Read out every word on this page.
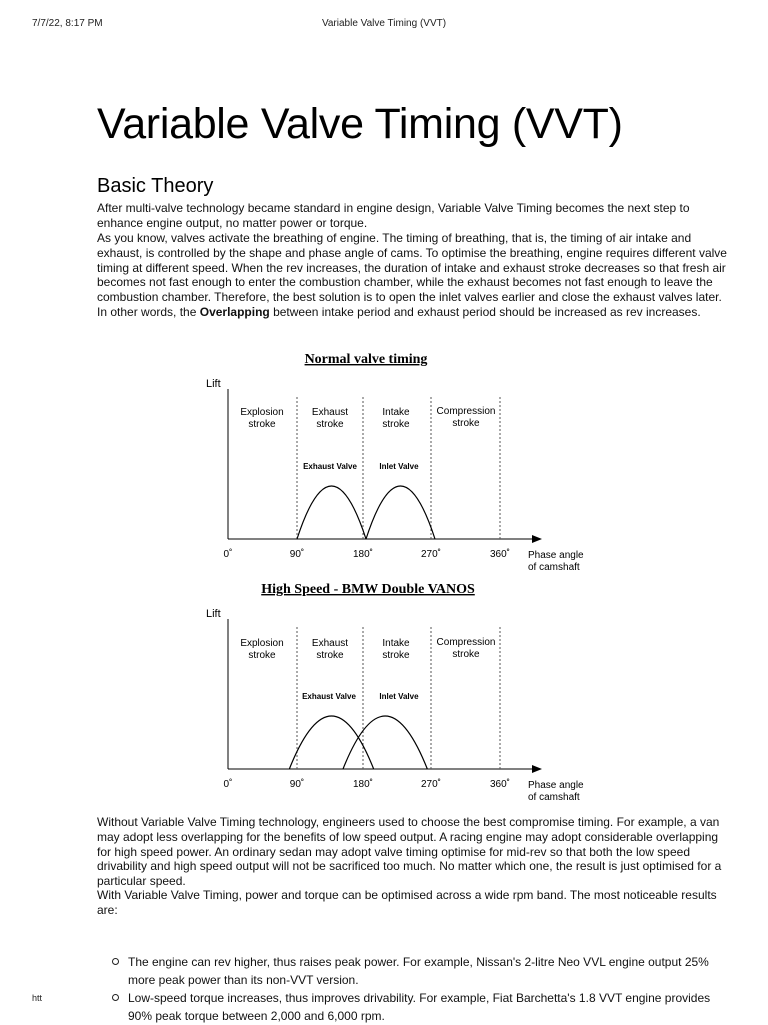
7/7/22, 8:17 PM	Variable Valve Timing (VVT)
Variable Valve Timing (VVT)
Basic Theory

After multi-valve technology became standard in engine design, Variable Valve Timing becomes the next step to enhance engine output, no matter power or torque.

As you know, valves activate the breathing of engine. The timing of breathing, that is, the timing of air intake and exhaust, is controlled by the shape and phase angle of cams. To optimise the breathing, engine requires different valve timing at different speed. When the rev increases, the duration of intake and exhaust stroke decreases so that fresh air becomes not fast enough to enter the combustion chamber, while the exhaust becomes not fast enough to leave the combustion chamber. Therefore, the best solution is to open the inlet valves earlier and close the exhaust valves later. In other words, the Overlapping between intake period and exhaust period should be increased as rev increases.

Normal valve timing
Lift
Explosion stroke
Exhaust stroke
Intake stroke
Compression stroke
Exhaust Valve	Inlet Valve
0˚	90˚	180˚	270˚	360˚ Phase angle of camshaft
High Speed - BMW Double VANOS
Lift
Explosion stroke
Exhaust stroke
Intake stroke
Compression stroke
Exhaust Valve	Inlet Valve
0˚	90˚	180˚	270˚	360˚ Phase angle of camshaft

Without Variable Valve Timing technology, engineers used to choose the best compromise timing. For example, a van may adopt less overlapping for the benefits of low speed output. A racing engine may adopt considerable overlapping for high speed power. An ordinary sedan may adopt valve timing optimise for mid-rev so that both the low speed drivability and high speed output will not be sacrificed too much. No matter which one, the result is just optimised for a particular speed.

With Variable Valve Timing, power and torque can be optimised across a wide rpm band. The most noticeable results are:

The engine can rev higher, thus raises peak power. For example, Nissan's 2-litre Neo VVL engine output 25% more peak power than its non-VVT version.
Low-speed torque increases, thus improves drivability. For example, Fiat Barchetta's 1.8 VVT engine provides 90% peak torque between 2,000 and 6,000 rpm.
htt
